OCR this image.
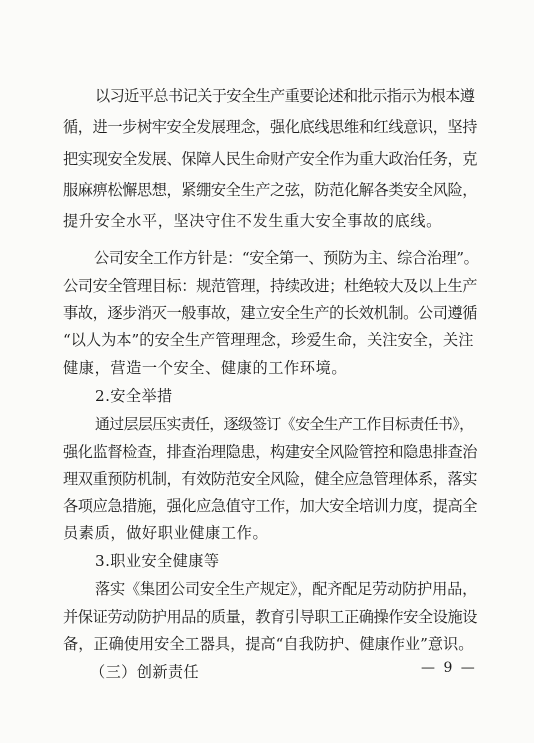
以习近平总书记关于安全生产重要论述和批示指示为根本遵
循，进一步树牢安全发展理念，强化底线思维和红线意识，坚持
把实现安全发展、保障人民生命财产安全作为重大政治任务，克
服麻痹松懈思想，紧绷安全生产之弦，防范化解各类安全风险，
提升安全水平，坚决守住不发生重大安全事故的底线。
公司安全工作方针是：“安全第一、预防为主、综合治理”。
公司安全管理目标：规范管理，持续改进；杜绝较大及以上生产
事故，逐步消灭一般事故，建立安全生产的长效机制。公司遵循
“以人为本”的安全生产管理理念，珍爱生命，关注安全，关注
健康，营造一个安全、健康的工作环境。
2.安全举措
通过层层压实责任，逐级签订《安全生产工作目标责任书》，
强化监督检查，排查治理隐患，构建安全风险管控和隐患排查治
理双重预防机制，有效防范安全风险，健全应急管理体系，落实
各项应急措施，强化应急值守工作，加大安全培训力度，提高全
员素质，做好职业健康工作。
3.职业安全健康等
落实《集团公司安全生产规定》，配齐配足劳动防护用品，
并保证劳动防护用品的质量，教育引导职工正确操作安全设施设
备，正确使用安全工器具，提高“自我防护、健康作业”意识。
（三）创新责任	— 9 —
